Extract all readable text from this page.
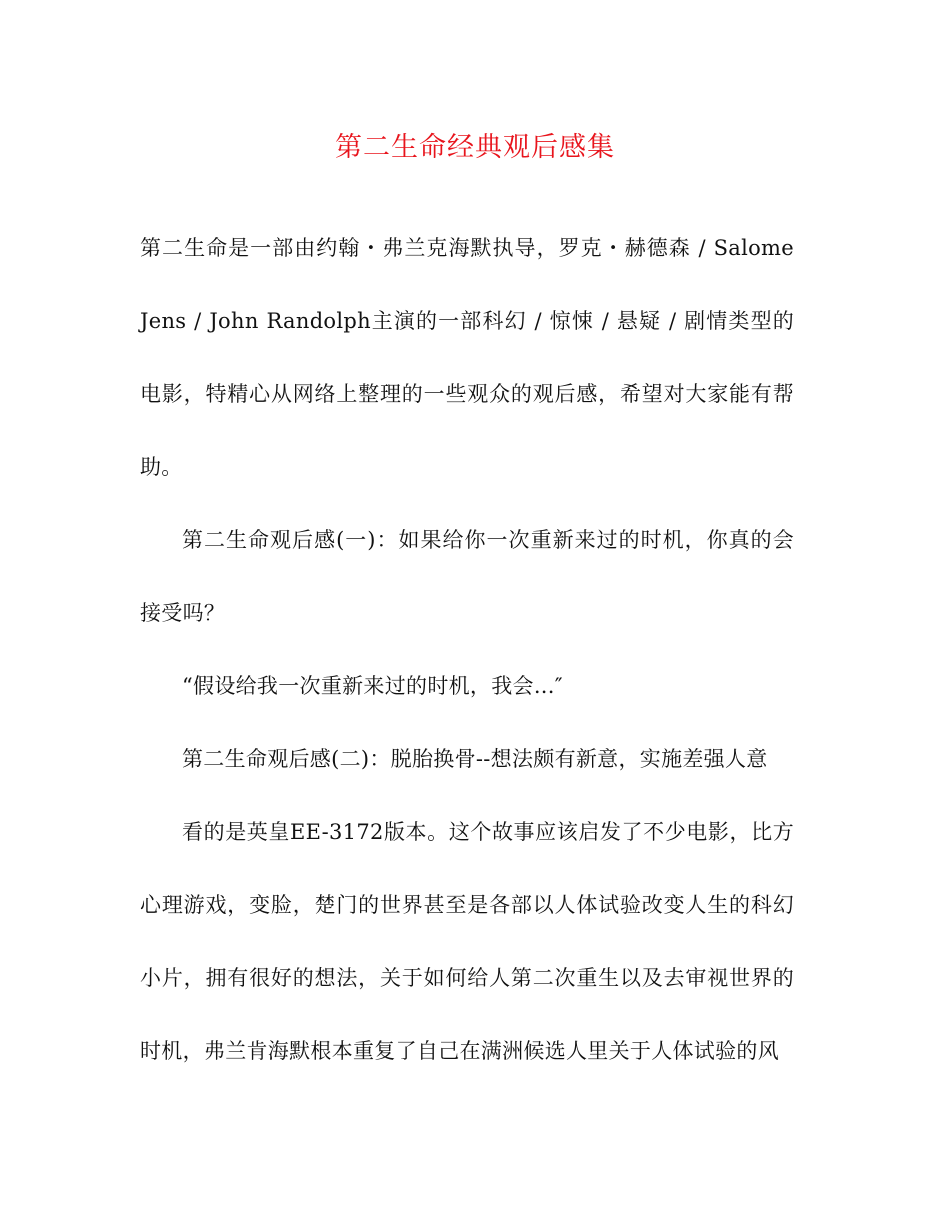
第二生命经典观后感集

第二生命是一部由约翰・弗兰克海默执导，罗克・赫德森 / Salome Jens / John Randolph主演的一部科幻 / 惊悚 / 悬疑 / 剧情类型的电影，特精心从网络上整理的一些观众的观后感，希望对大家能有帮助。

第二生命观后感(一)：如果给你一次重新来过的时机，你真的会接受吗？

“假设给我一次重新来过的时机，我会...″

第二生命观后感(二)：脱胎换骨--想法颇有新意，实施差强人意

看的是英皇EE-3172版本。这个故事应该启发了不少电影，比方心理游戏，变脸，楚门的世界甚至是各部以人体试验改变人生的科幻小片，拥有很好的想法，关于如何给人第二次重生以及去审视世界的时机，弗兰肯海默根本重复了自己在满洲候选人里关于人体试验的风
